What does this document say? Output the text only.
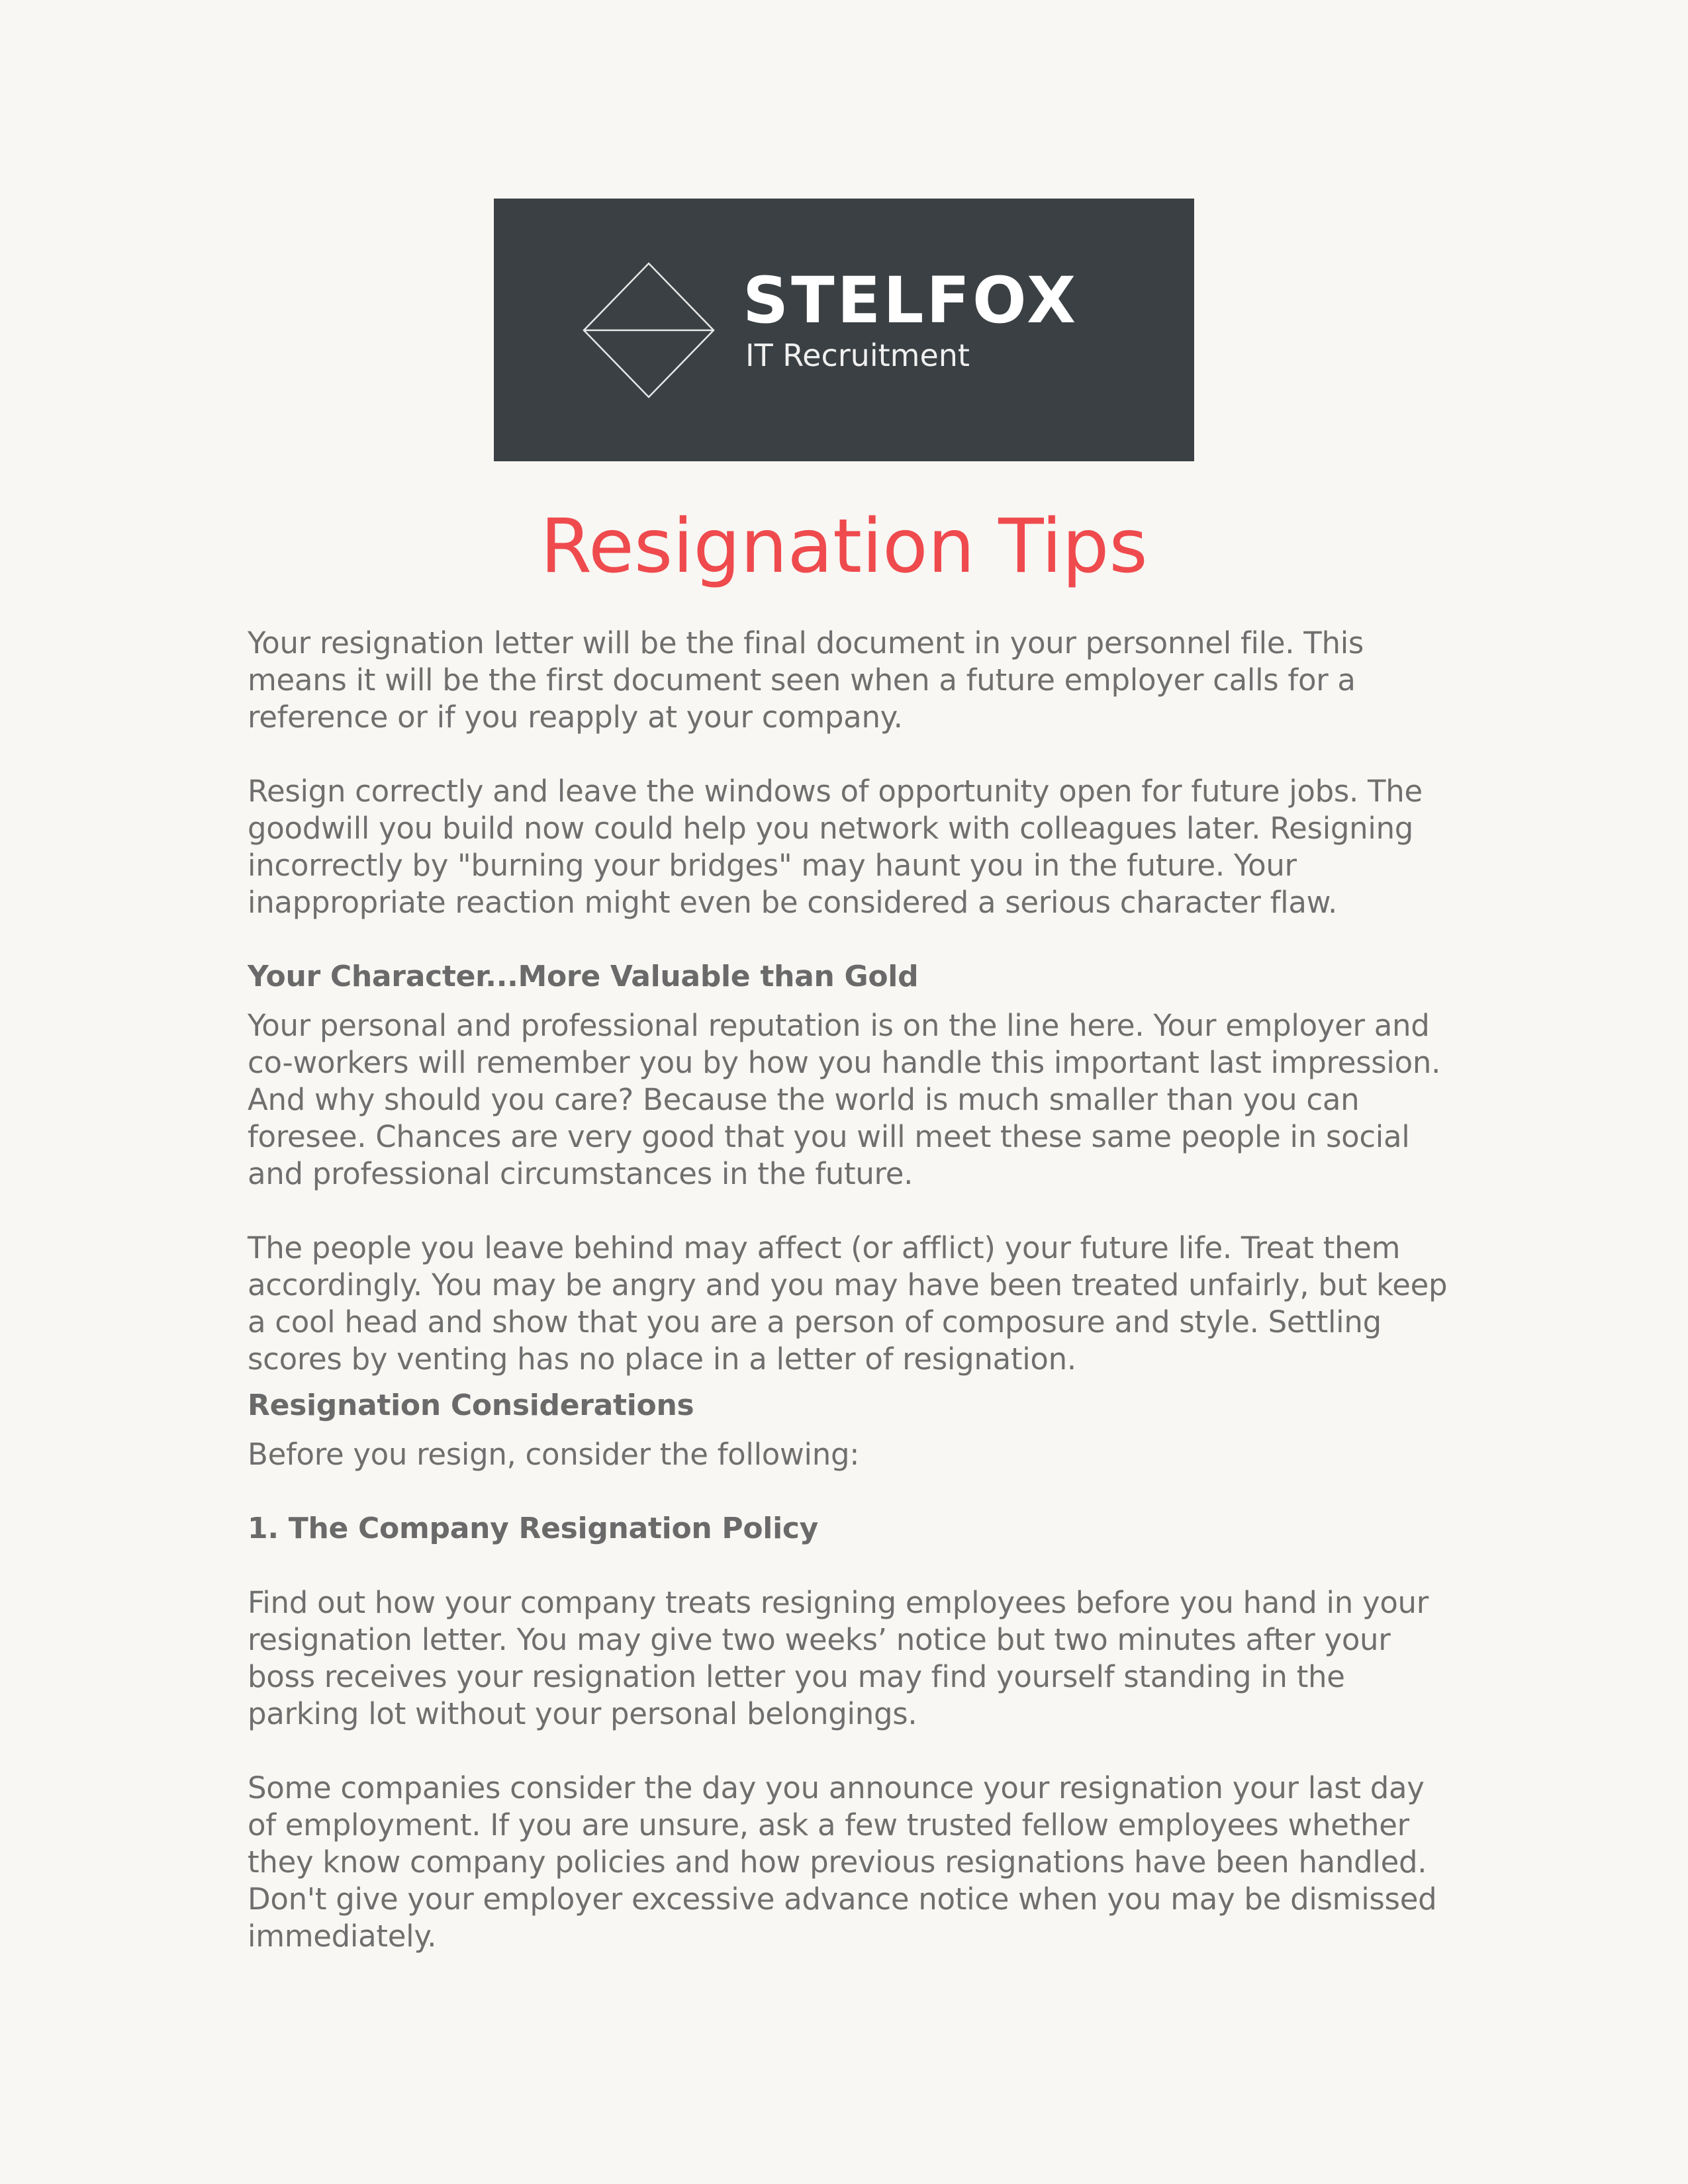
STELFOX
IT Recruitment
Resignation Tips

Your resignation letter will be the final document in your personnel file. This means it will be the first document seen when a future employer calls for a reference or if you reapply at your company.

Resign correctly and leave the windows of opportunity open for future jobs. The goodwill you build now could help you network with colleagues later. Resigning incorrectly by "burning your bridges" may haunt you in the future. Your inappropriate reaction might even be considered a serious character flaw.

Your Character...More Valuable than Gold

Your personal and professional reputation is on the line here. Your employer and co-workers will remember you by how you handle this important last impression. And why should you care? Because the world is much smaller than you can foresee. Chances are very good that you will meet these same people in social and professional circumstances in the future.

The people you leave behind may affect (or afflict) your future life. Treat them accordingly. You may be angry and you may have been treated unfairly, but keep a cool head and show that you are a person of composure and style. Settling scores by venting has no place in a letter of resignation.

Resignation Considerations

Before you resign, consider the following:

1. The Company Resignation Policy

Find out how your company treats resigning employees before you hand in your resignation letter. You may give two weeks’ notice but two minutes after your boss receives your resignation letter you may find yourself standing in the parking lot without your personal belongings.

Some companies consider the day you announce your resignation your last day of employment. If you are unsure, ask a few trusted fellow employees whether they know company policies and how previous resignations have been handled. Don't give your employer excessive advance notice when you may be dismissed immediately.
